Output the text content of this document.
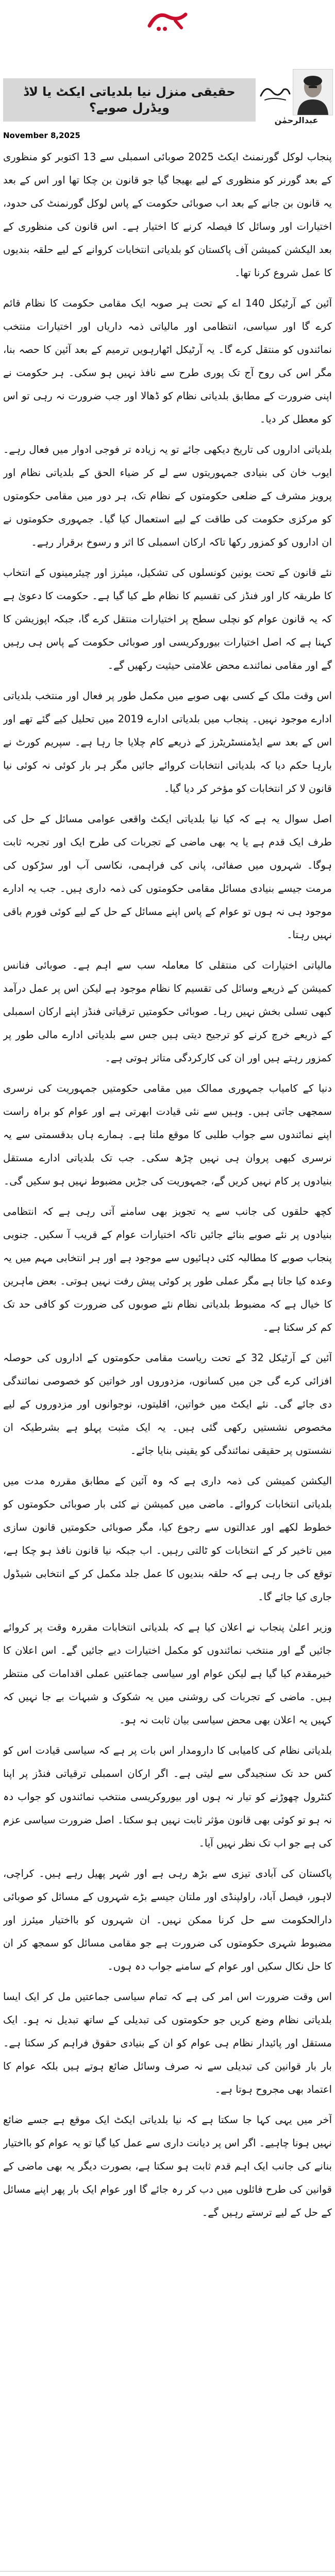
حقیقی منزل نیا بلدیاتی ایکٹ یا لاڈ ویڈرل صوبے؟
عبدالرحمٰن
November 8,2025

پنجاب لوکل گورنمنٹ ایکٹ 2025 صوبائی اسمبلی سے 13 اکتوبر کو منظوری کے بعد گورنر کو منظوری کے لیے بھیجا گیا جو قانون بن چکا تھا اور اس کے بعد یہ قانون بن جانے کے بعد اب صوبائی حکومت کے پاس لوکل گورنمنٹ کی حدود، اختیارات اور وسائل کا فیصلہ کرنے کا اختیار ہے۔ اس قانون کی منظوری کے بعد الیکشن کمیشن آف پاکستان کو بلدیاتی انتخابات کروانے کے لیے حلقہ بندیوں کا عمل شروع کرنا تھا۔

آئین کے آرٹیکل 140 اے کے تحت ہر صوبہ ایک مقامی حکومت کا نظام قائم کرے گا اور سیاسی، انتظامی اور مالیاتی ذمہ داریاں اور اختیارات منتخب نمائندوں کو منتقل کرے گا۔ یہ آرٹیکل اٹھارہویں ترمیم کے بعد آئین کا حصہ بنا، مگر اس کی روح آج تک پوری طرح سے نافذ نہیں ہو سکی۔ ہر حکومت نے اپنی ضرورت کے مطابق بلدیاتی نظام کو ڈھالا اور جب ضرورت نہ رہی تو اس کو معطل کر دیا۔

بلدیاتی اداروں کی تاریخ دیکھی جائے تو یہ زیادہ تر فوجی ادوار میں فعال رہے۔ ایوب خان کی بنیادی جمہوریتوں سے لے کر ضیاء الحق کے بلدیاتی نظام اور پرویز مشرف کے ضلعی حکومتوں کے نظام تک، ہر دور میں مقامی حکومتوں کو مرکزی حکومت کی طاقت کے لیے استعمال کیا گیا۔ جمہوری حکومتوں نے ان اداروں کو کمزور رکھا تاکہ ارکان اسمبلی کا اثر و رسوخ برقرار رہے۔

نئے قانون کے تحت یونین کونسلوں کی تشکیل، میئرز اور چیئرمینوں کے انتخاب کا طریقہ کار اور فنڈز کی تقسیم کا نظام طے کیا گیا ہے۔ حکومت کا دعویٰ ہے کہ یہ قانون عوام کو نچلی سطح پر اختیارات منتقل کرے گا، جبکہ اپوزیشن کا کہنا ہے کہ اصل اختیارات بیوروکریسی اور صوبائی حکومت کے پاس ہی رہیں گے اور مقامی نمائندے محض علامتی حیثیت رکھیں گے۔

اس وقت ملک کے کسی بھی صوبے میں مکمل طور پر فعال اور منتخب بلدیاتی ادارے موجود نہیں۔ پنجاب میں بلدیاتی ادارے 2019 میں تحلیل کیے گئے تھے اور اس کے بعد سے ایڈمنسٹریٹرز کے ذریعے کام چلایا جا رہا ہے۔ سپریم کورٹ نے بارہا حکم دیا کہ بلدیاتی انتخابات کروائے جائیں مگر ہر بار کوئی نہ کوئی نیا قانون لا کر انتخابات کو مؤخر کر دیا گیا۔

اصل سوال یہ ہے کہ کیا نیا بلدیاتی ایکٹ واقعی عوامی مسائل کے حل کی طرف ایک قدم ہے یا یہ بھی ماضی کے تجربات کی طرح ایک اور تجربہ ثابت ہوگا۔ شہروں میں صفائی، پانی کی فراہمی، نکاسی آب اور سڑکوں کی مرمت جیسے بنیادی مسائل مقامی حکومتوں کی ذمہ داری ہیں۔ جب یہ ادارے موجود ہی نہ ہوں تو عوام کے پاس اپنے مسائل کے حل کے لیے کوئی فورم باقی نہیں رہتا۔

مالیاتی اختیارات کی منتقلی کا معاملہ سب سے اہم ہے۔ صوبائی فنانس کمیشن کے ذریعے وسائل کی تقسیم کا نظام موجود ہے لیکن اس پر عمل درآمد کبھی تسلی بخش نہیں رہا۔ صوبائی حکومتیں ترقیاتی فنڈز اپنے ارکان اسمبلی کے ذریعے خرچ کرنے کو ترجیح دیتی ہیں جس سے بلدیاتی ادارے مالی طور پر کمزور رہتے ہیں اور ان کی کارکردگی متاثر ہوتی ہے۔

دنیا کے کامیاب جمہوری ممالک میں مقامی حکومتیں جمہوریت کی نرسری سمجھی جاتی ہیں۔ وہیں سے نئی قیادت ابھرتی ہے اور عوام کو براہ راست اپنے نمائندوں سے جواب طلبی کا موقع ملتا ہے۔ ہمارے ہاں بدقسمتی سے یہ نرسری کبھی پروان ہی نہیں چڑھ سکی۔ جب تک بلدیاتی ادارے مستقل بنیادوں پر کام نہیں کریں گے، جمہوریت کی جڑیں مضبوط نہیں ہو سکیں گی۔

کچھ حلقوں کی جانب سے یہ تجویز بھی سامنے آتی رہی ہے کہ انتظامی بنیادوں پر نئے صوبے بنائے جائیں تاکہ اختیارات عوام کے قریب آ سکیں۔ جنوبی پنجاب صوبے کا مطالبہ کئی دہائیوں سے موجود ہے اور ہر انتخابی مہم میں یہ وعدہ کیا جاتا ہے مگر عملی طور پر کوئی پیش رفت نہیں ہوتی۔ بعض ماہرین کا خیال ہے کہ مضبوط بلدیاتی نظام نئے صوبوں کی ضرورت کو کافی حد تک کم کر سکتا ہے۔

آئین کے آرٹیکل 32 کے تحت ریاست مقامی حکومتوں کے اداروں کی حوصلہ افزائی کرے گی جن میں کسانوں، مزدوروں اور خواتین کو خصوصی نمائندگی دی جائے گی۔ نئے ایکٹ میں خواتین، اقلیتوں، نوجوانوں اور مزدوروں کے لیے مخصوص نشستیں رکھی گئی ہیں۔ یہ ایک مثبت پہلو ہے بشرطیکہ ان نشستوں پر حقیقی نمائندگی کو یقینی بنایا جائے۔

الیکشن کمیشن کی ذمہ داری ہے کہ وہ آئین کے مطابق مقررہ مدت میں بلدیاتی انتخابات کروائے۔ ماضی میں کمیشن نے کئی بار صوبائی حکومتوں کو خطوط لکھے اور عدالتوں سے رجوع کیا، مگر صوبائی حکومتیں قانون سازی میں تاخیر کر کے انتخابات کو ٹالتی رہیں۔ اب جبکہ نیا قانون نافذ ہو چکا ہے، توقع کی جا رہی ہے کہ حلقہ بندیوں کا عمل جلد مکمل کر کے انتخابی شیڈول جاری کیا جائے گا۔

وزیر اعلیٰ پنجاب نے اعلان کیا ہے کہ بلدیاتی انتخابات مقررہ وقت پر کروائے جائیں گے اور منتخب نمائندوں کو مکمل اختیارات دیے جائیں گے۔ اس اعلان کا خیرمقدم کیا گیا ہے لیکن عوام اور سیاسی جماعتیں عملی اقدامات کی منتظر ہیں۔ ماضی کے تجربات کی روشنی میں یہ شکوک و شبہات بے جا نہیں کہ کہیں یہ اعلان بھی محض سیاسی بیان ثابت نہ ہو۔

بلدیاتی نظام کی کامیابی کا دارومدار اس بات پر ہے کہ سیاسی قیادت اس کو کس حد تک سنجیدگی سے لیتی ہے۔ اگر ارکان اسمبلی ترقیاتی فنڈز پر اپنا کنٹرول چھوڑنے کو تیار نہ ہوں اور بیوروکریسی منتخب نمائندوں کو جواب دہ نہ ہو تو کوئی بھی قانون مؤثر ثابت نہیں ہو سکتا۔ اصل ضرورت سیاسی عزم کی ہے جو اب تک نظر نہیں آیا۔

پاکستان کی آبادی تیزی سے بڑھ رہی ہے اور شہر پھیل رہے ہیں۔ کراچی، لاہور، فیصل آباد، راولپنڈی اور ملتان جیسے بڑے شہروں کے مسائل کو صوبائی دارالحکومت سے حل کرنا ممکن نہیں۔ ان شہروں کو بااختیار میئرز اور مضبوط شہری حکومتوں کی ضرورت ہے جو مقامی مسائل کو سمجھ کر ان کا حل نکال سکیں اور عوام کے سامنے جواب دہ ہوں۔

اس وقت ضرورت اس امر کی ہے کہ تمام سیاسی جماعتیں مل کر ایک ایسا بلدیاتی نظام وضع کریں جو حکومتوں کی تبدیلی کے ساتھ تبدیل نہ ہو۔ ایک مستقل اور پائیدار نظام ہی عوام کو ان کے بنیادی حقوق فراہم کر سکتا ہے۔ بار بار قوانین کی تبدیلی سے نہ صرف وسائل ضائع ہوتے ہیں بلکہ عوام کا اعتماد بھی مجروح ہوتا ہے۔

آخر میں یہی کہا جا سکتا ہے کہ نیا بلدیاتی ایکٹ ایک موقع ہے جسے ضائع نہیں ہونا چاہیے۔ اگر اس پر دیانت داری سے عمل کیا گیا تو یہ عوام کو بااختیار بنانے کی جانب ایک اہم قدم ثابت ہو سکتا ہے، بصورت دیگر یہ بھی ماضی کے قوانین کی طرح فائلوں میں دب کر رہ جائے گا اور عوام ایک بار پھر اپنے مسائل کے حل کے لیے ترستے رہیں گے۔
